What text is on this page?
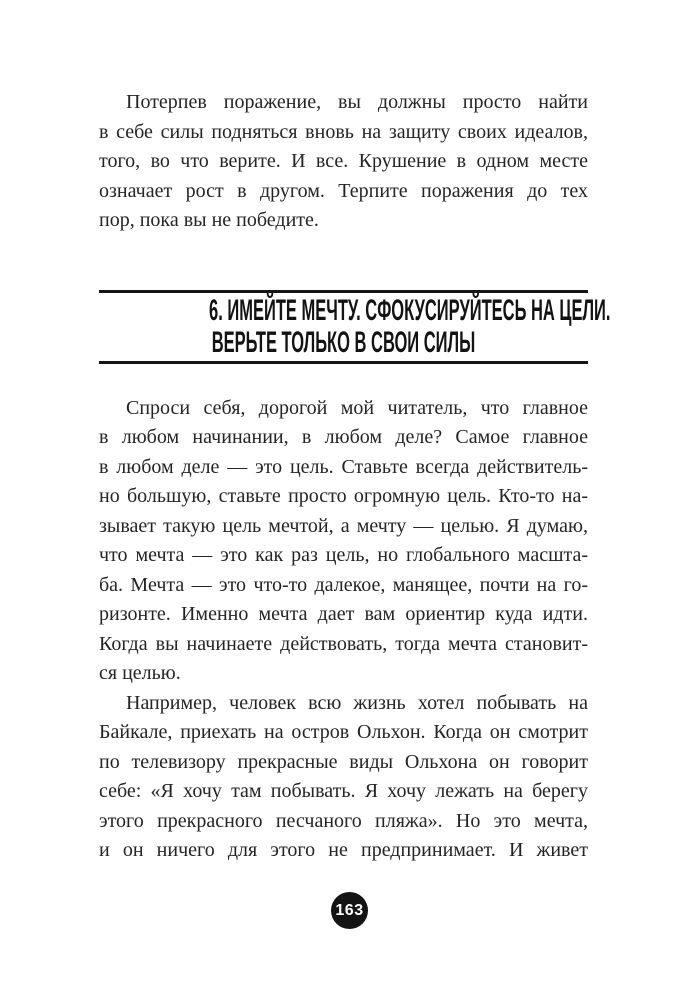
Потерпев поражение, вы должны просто найти
в себе силы подняться вновь на защиту своих идеалов,
того, во что верите. И все. Крушение в одном месте
означает рост в другом. Терпите поражения до тех
пор, пока вы не победите.
6. ИМЕЙТЕ МЕЧТУ. СФОКУСИРУЙТЕСЬ НА ЦЕЛИ.
ВЕРЬТЕ ТОЛЬКО В СВОИ СИЛЫ
Спроси себя, дорогой мой читатель, что главное
в любом начинании, в любом деле? Самое главное
в любом деле — это цель. Ставьте всегда действитель-
но большую, ставьте просто огромную цель. Кто-то на-
зывает такую цель мечтой, а мечту — целью. Я думаю,
что мечта — это как раз цель, но глобального масшта-
ба. Мечта — это что-то далекое, манящее, почти на го-
ризонте. Именно мечта дает вам ориентир куда идти.
Когда вы начинаете действовать, тогда мечта становит-
ся целью.
Например, человек всю жизнь хотел побывать на
Байкале, приехать на остров Ольхон. Когда он смотрит
по телевизору прекрасные виды Ольхона он говорит
себе: «Я хочу там побывать. Я хочу лежать на берегу
этого прекрасного песчаного пляжа». Но это мечта,
и он ничего для этого не предпринимает. И живет
163
